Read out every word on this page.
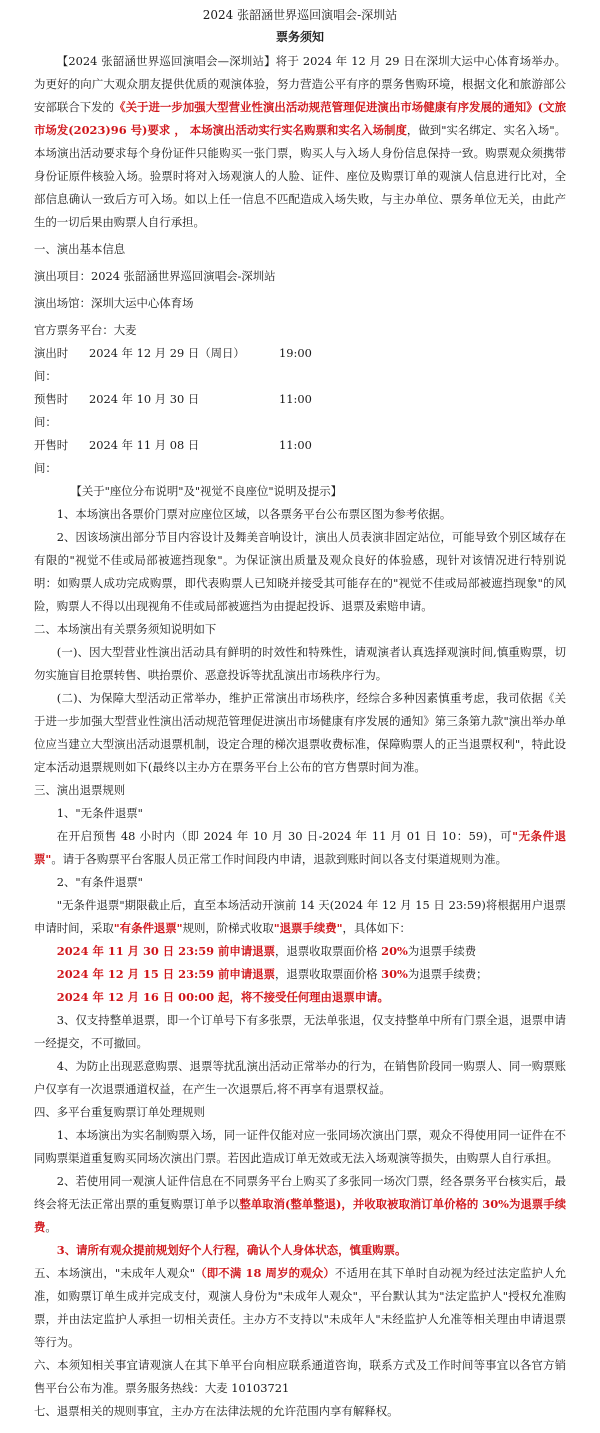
2024 张韶涵世界巡回演唱会-深圳站

票务须知

【2024 张韶涵世界巡回演唱会—深圳站】将于 2024 年 12 月 29 日在深圳大运中心体育场举办。为更好的向广大观众朋友提供优质的观演体验，努力营造公平有序的票务售购环境，根据文化和旅游部公安部联合下发的《关于进一步加强大型营业性演出活动规范管理促进演出市场健康有序发展的通知》(文旅市场发(2023)96 号)要求 ， 本场演出活动实行实名购票和实名入场制度，做到"实名绑定、实名入场"。本场演出活动要求每个身份证件只能购买一张门票，购买人与入场人身份信息保持一致。购票观众须携带身份证原件核验入场。验票时将对入场观演人的人脸、证件、座位及购票订单的观演人信息进行比对，全部信息确认一致后方可入场。如以上任一信息不匹配造成入场失败，与主办单位、票务单位无关，由此产生的一切后果由购票人自行承担。

一、演出基本信息

演出项目：2024 张韶涵世界巡回演唱会-深圳站

演出场馆：深圳大运中心体育场

官方票务平台：大麦

演出时间：
2024 年 12 月 29 日（周日）	19:00
预售时间：
2024 年 10 月 30 日	11:00
开售时间：
2024 年 11 月 08 日	11:00

【关于"座位分布说明"及"视觉不良座位"说明及提示】

1、本场演出各票价门票对应座位区域，以各票务平台公布票区图为参考依据。

2、因该场演出部分节目内容设计及舞美音响设计，演出人员表演非固定站位，可能导致个别区域存在有限的"视觉不佳或局部被遮挡现象"。为保证演出质量及观众良好的体验感，现针对该情况进行特别说明：如购票人成功完成购票，即代表购票人已知晓并接受其可能存在的"视觉不佳或局部被遮挡现象"的风险，购票人不得以出现视角不佳或局部被遮挡为由提起投诉、退票及索赔申请。

二、本场演出有关票务须知说明如下

(一)、因大型营业性演出活动具有鲜明的时效性和特殊性，请观演者认真选择观演时间,慎重购票，切勿实施盲目抢票转售、哄抬票价、恶意投诉等扰乱演出市场秩序行为。

(二)、为保障大型活动正常举办，维护正常演出市场秩序，经综合多种因素慎重考虑，我司依据《关于进一步加强大型营业性演出活动规范管理促进演出市场健康有序发展的通知》第三条第九款"演出举办单位应当建立大型演出活动退票机制，设定合理的梯次退票收费标准，保障购票人的正当退票权利"，特此设定本活动退票规则如下(最终以主办方在票务平台上公布的官方售票时间为准。

三、演出退票规则

1、"无条件退票"

在开启预售 48 小时内（即 2024 年 10 月 30 日-2024 年 11 月 01 日 10：59)，可"无条件退票"。请于各购票平台客服人员正常工作时间段内申请，退款到账时间以各支付渠道规则为准。

2、"有条件退票"

"无条件退票"期限截止后，直至本场活动开演前 14 天(2024 年 12 月 15 日 23:59)将根据用户退票申请时间，采取"有条件退票"规则，阶梯式收取"退票手续费"，具体如下：

2024 年 11 月 30 日 23:59 前申请退票，退票收取票面价格 20%为退票手续费

2024 年 12 月 15 日 23:59 前申请退票，退票收取票面价格 30%为退票手续费；

2024 年 12 月 16 日 00:00 起，将不接受任何理由退票申请。

3、仅支持整单退票，即一个订单号下有多张票，无法单张退，仅支持整单中所有门票全退，退票申请一经提交，不可撤回。

4、为防止出现恶意购票、退票等扰乱演出活动正常举办的行为，在销售阶段同一购票人、同一购票账户仅享有一次退票通道权益，在产生一次退票后,将不再享有退票权益。

四、多平台重复购票订单处理规则

1、本场演出为实名制购票入场，同一证件仅能对应一张同场次演出门票，观众不得使用同一证件在不同购票渠道重复购买同场次演出门票。若因此造成订单无效或无法入场观演等损失，由购票人自行承担。

2、若使用同一观演人证件信息在不同票务平台上购买了多张同一场次门票，经各票务平台核实后，最终会将无法正常出票的重复购票订单予以整单取消(整单整退)，并收取被取消订单价格的 30%为退票手续费。

3、请所有观众提前规划好个人行程，确认个人身体状态，慎重购票。

五、本场演出，"未成年人观众"（即不满 18 周岁的观众）不适用在其下单时自动视为经过法定监护人允准，如购票订单生成并完成支付，观演人身份为"未成年人观众"，平台默认其为"法定监护人"授权允准购票，并由法定监护人承担一切相关责任。主办方不支持以"未成年人"未经监护人允准等相关理由申请退票等行为。

六、本须知相关事宜请观演人在其下单平台向相应联系通道咨询，联系方式及工作时间等事宜以各官方销售平台公布为准。票务服务热线：大麦 10103721

七、退票相关的规则事宜，主办方在法律法规的允许范围内享有解释权。
